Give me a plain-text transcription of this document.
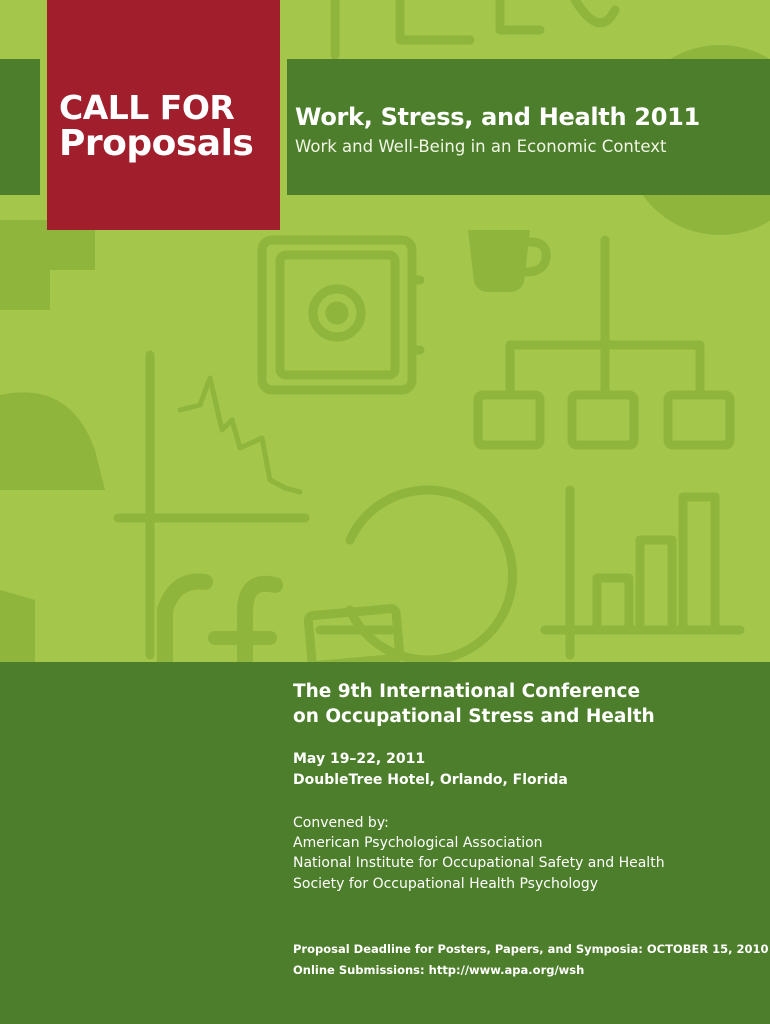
Work, Stress, and Health 2011
Work and Well-Being in an Economic Context
CALL FOR
Proposals
The 9th International Conference
on Occupational Stress and Health
May 19–22, 2011
DoubleTree Hotel, Orlando, Florida
Convened by:
American Psychological Association
National Institute for Occupational Safety and Health
Society for Occupational Health Psychology
Proposal Deadline for Posters, Papers, and Symposia: OCTOBER 15, 2010
Online Submissions: http://www.apa.org/wsh
